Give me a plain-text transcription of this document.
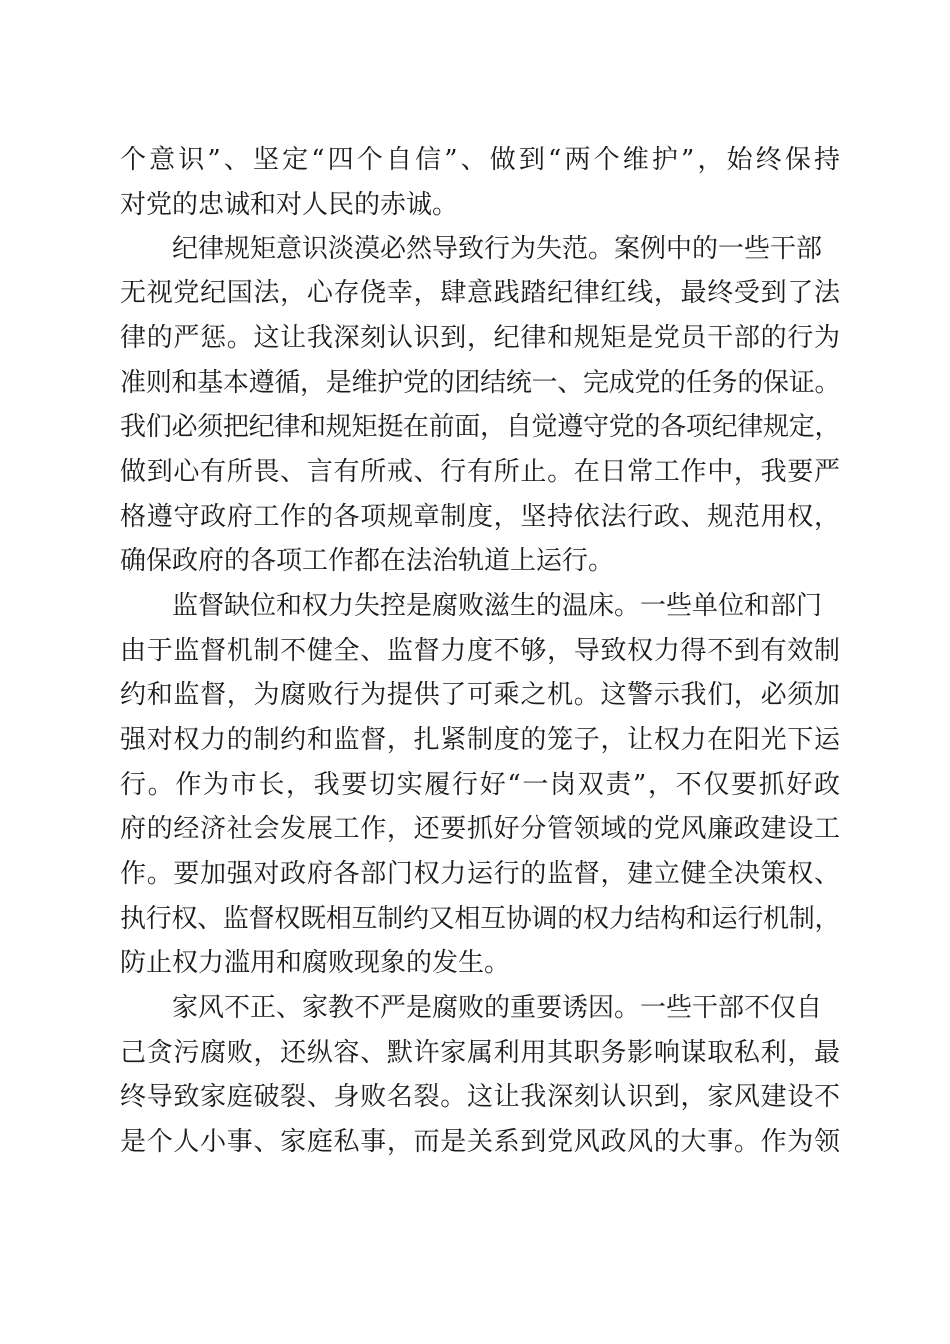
个意识”、坚定“四个自信”、做到“两个维护”，始终保持
对党的忠诚和对人民的赤诚。
纪律规矩意识淡漠必然导致行为失范。案例中的一些干部
无视党纪国法，心存侥幸，肆意践踏纪律红线，最终受到了法
律的严惩。这让我深刻认识到，纪律和规矩是党员干部的行为
准则和基本遵循，是维护党的团结统一、完成党的任务的保证。
我们必须把纪律和规矩挺在前面，自觉遵守党的各项纪律规定，
做到心有所畏、言有所戒、行有所止。在日常工作中，我要严
格遵守政府工作的各项规章制度，坚持依法行政、规范用权，
确保政府的各项工作都在法治轨道上运行。
监督缺位和权力失控是腐败滋生的温床。一些单位和部门
由于监督机制不健全、监督力度不够，导致权力得不到有效制
约和监督，为腐败行为提供了可乘之机。这警示我们，必须加
强对权力的制约和监督，扎紧制度的笼子，让权力在阳光下运
行。作为市长，我要切实履行好“一岗双责”，不仅要抓好政
府的经济社会发展工作，还要抓好分管领域的党风廉政建设工
作。要加强对政府各部门权力运行的监督，建立健全决策权、
执行权、监督权既相互制约又相互协调的权力结构和运行机制，
防止权力滥用和腐败现象的发生。
家风不正、家教不严是腐败的重要诱因。一些干部不仅自
己贪污腐败，还纵容、默许家属利用其职务影响谋取私利，最
终导致家庭破裂、身败名裂。这让我深刻认识到，家风建设不
是个人小事、家庭私事，而是关系到党风政风的大事。作为领
